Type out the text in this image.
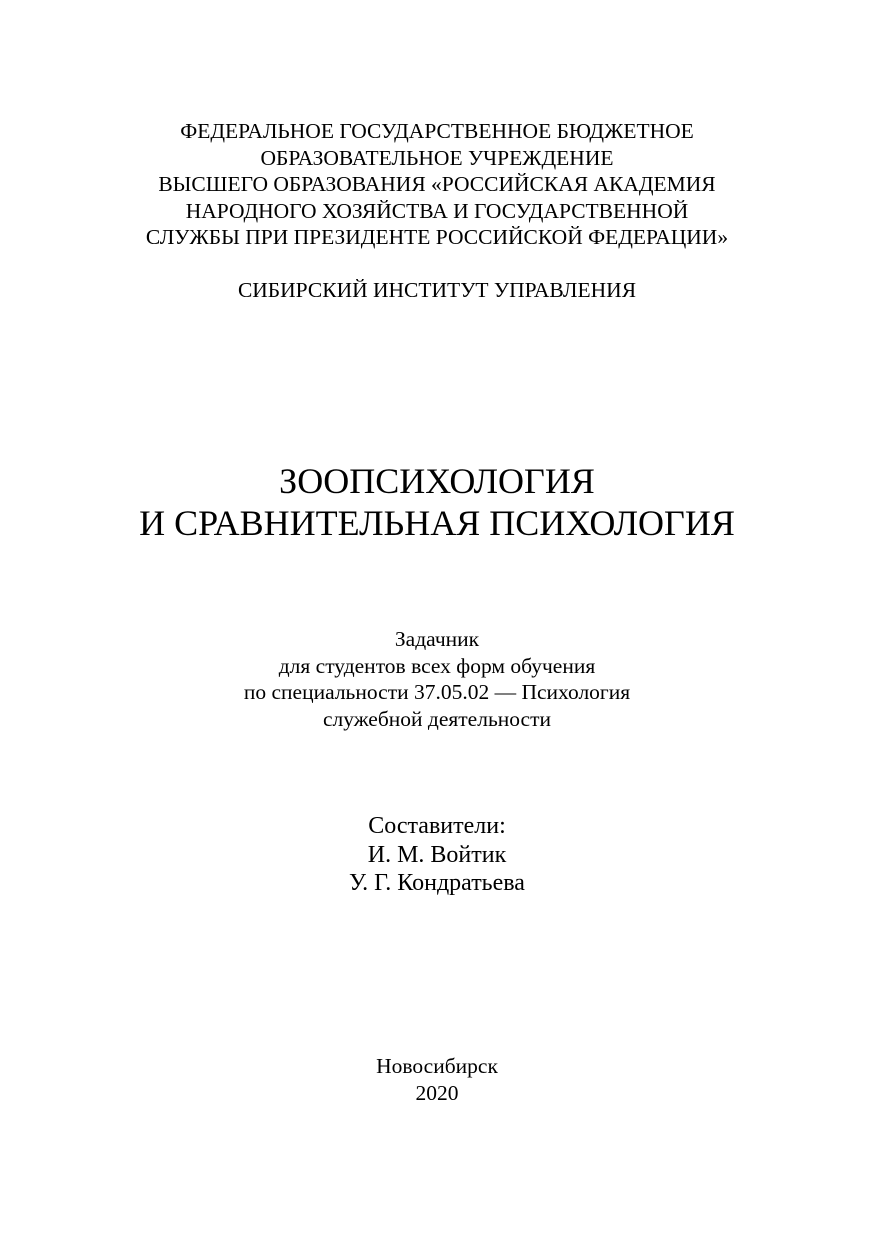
ФЕДЕРАЛЬНОЕ ГОСУДАРСТВЕННОЕ БЮДЖЕТНОЕ
ОБРАЗОВАТЕЛЬНОЕ УЧРЕЖДЕНИЕ
ВЫСШЕГО ОБРАЗОВАНИЯ «РОССИЙСКАЯ АКАДЕМИЯ
НАРОДНОГО ХОЗЯЙСТВА И ГОСУДАРСТВЕННОЙ
СЛУЖБЫ ПРИ ПРЕЗИДЕНТЕ РОССИЙСКОЙ ФЕДЕРАЦИИ»
СИБИРСКИЙ ИНСТИТУТ УПРАВЛЕНИЯ
ЗООПСИХОЛОГИЯ
И СРАВНИТЕЛЬНАЯ ПСИХОЛОГИЯ
Задачник
для студентов всех форм обучения
по специальности 37.05.02 — Психология
служебной деятельности
Составители:
И. М. Войтик
У. Г. Кондратьева
Новосибирск
2020
